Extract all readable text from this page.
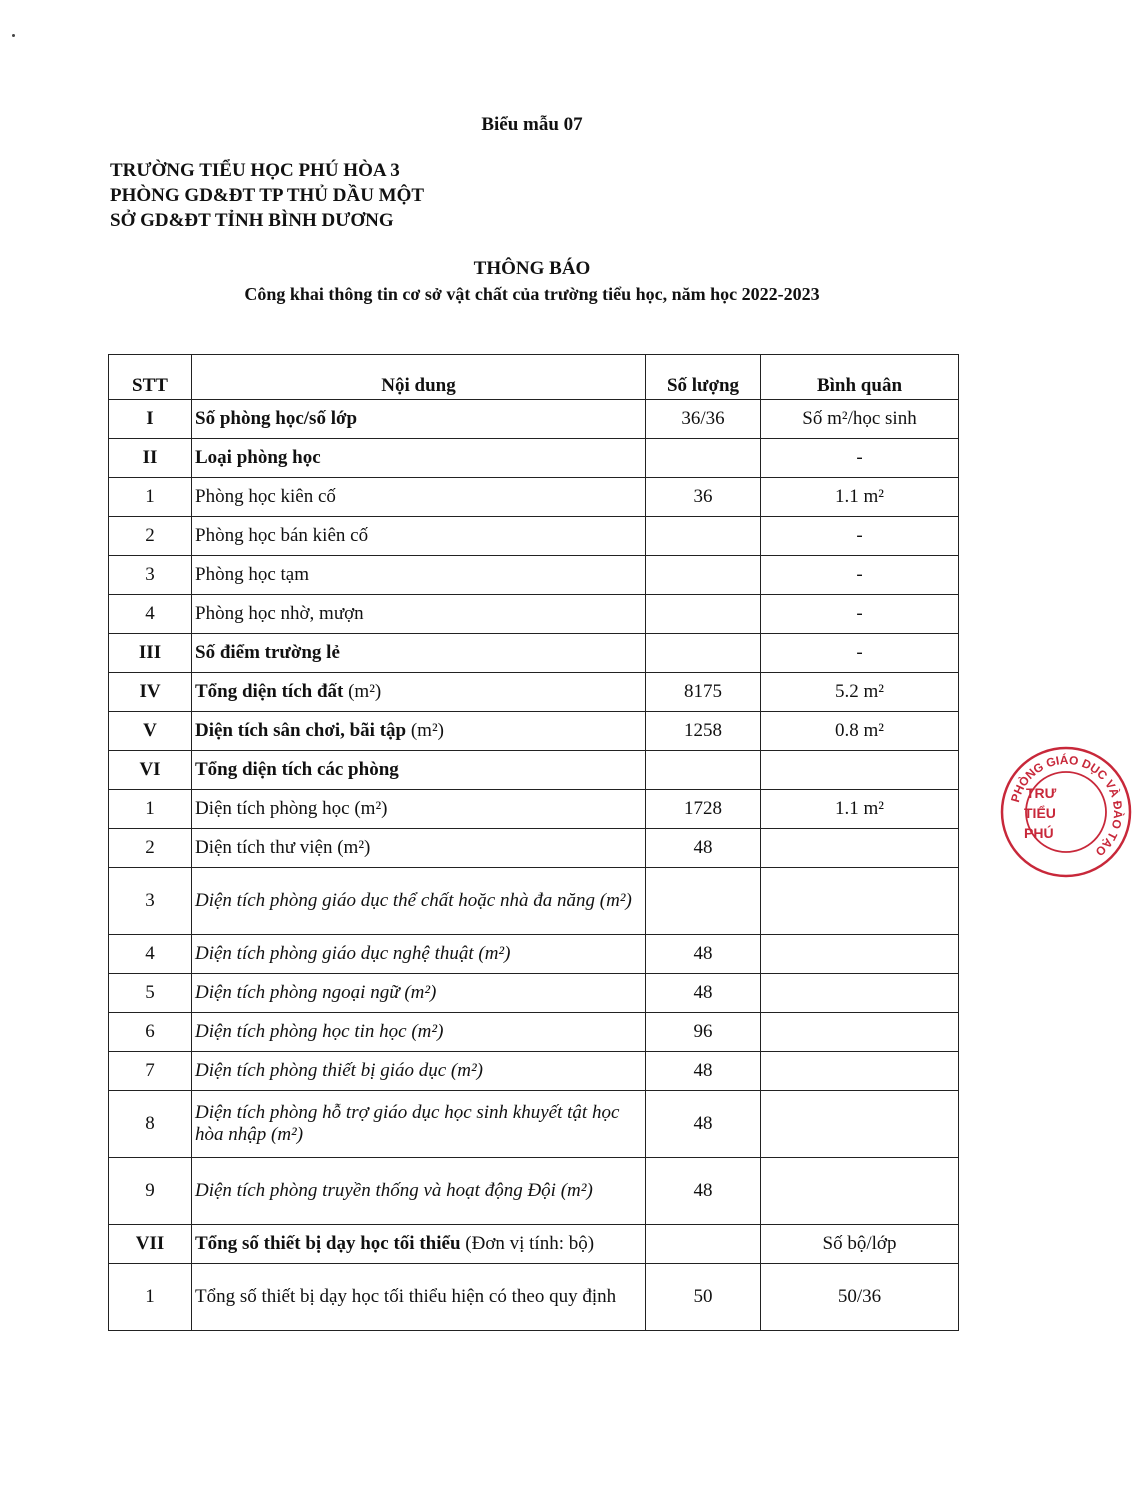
Biểu mẫu 07
TRƯỜNG TIỂU HỌC PHÚ HÒA 3
PHÒNG GD&ĐT TP THỦ DẦU MỘT
SỞ GD&ĐT TỈNH BÌNH DƯƠNG
THÔNG BÁO
Công khai thông tin cơ sở vật chất của trường tiểu học, năm học 2022-2023
STT	Nội dung	Số lượng	Bình quân
I	Số phòng học/số lớp	36/36	Số m²/học sinh
II	Loại phòng học		-
1	Phòng học kiên cố	36	1.1 m²
2	Phòng học bán kiên cố		-
3	Phòng học tạm		-
4	Phòng học nhờ, mượn		-
III	Số điểm trường lẻ		-
IV	Tổng diện tích đất (m²)	8175	5.2 m²
V	Diện tích sân chơi, bãi tập (m²)	1258	0.8 m²
VI	Tổng diện tích các phòng		
1	Diện tích phòng học (m²)	1728	1.1 m²
2	Diện tích thư viện (m²)	48	
3	Diện tích phòng giáo dục thể chất hoặc nhà đa năng (m²)		
4	Diện tích phòng giáo dục nghệ thuật (m²)	48	
5	Diện tích phòng ngoại ngữ (m²)	48	
6	Diện tích phòng học tin học (m²)	96	
7	Diện tích phòng thiết bị giáo dục (m²)	48	
8	Diện tích phòng hỗ trợ giáo dục học sinh khuyết tật học hòa nhập (m²)	48	
9	Diện tích phòng truyền thống và hoạt động Đội (m²)	48	
VII	Tổng số thiết bị dạy học tối thiểu (Đơn vị tính: bộ)		Số bộ/lớp
1	Tổng số thiết bị dạy học tối thiểu hiện có theo quy định	50	50/36
PHÒNG GIÁO DỤC VÀ ĐÀO TẠO
TRƯ
TIỂU
PHÚ
